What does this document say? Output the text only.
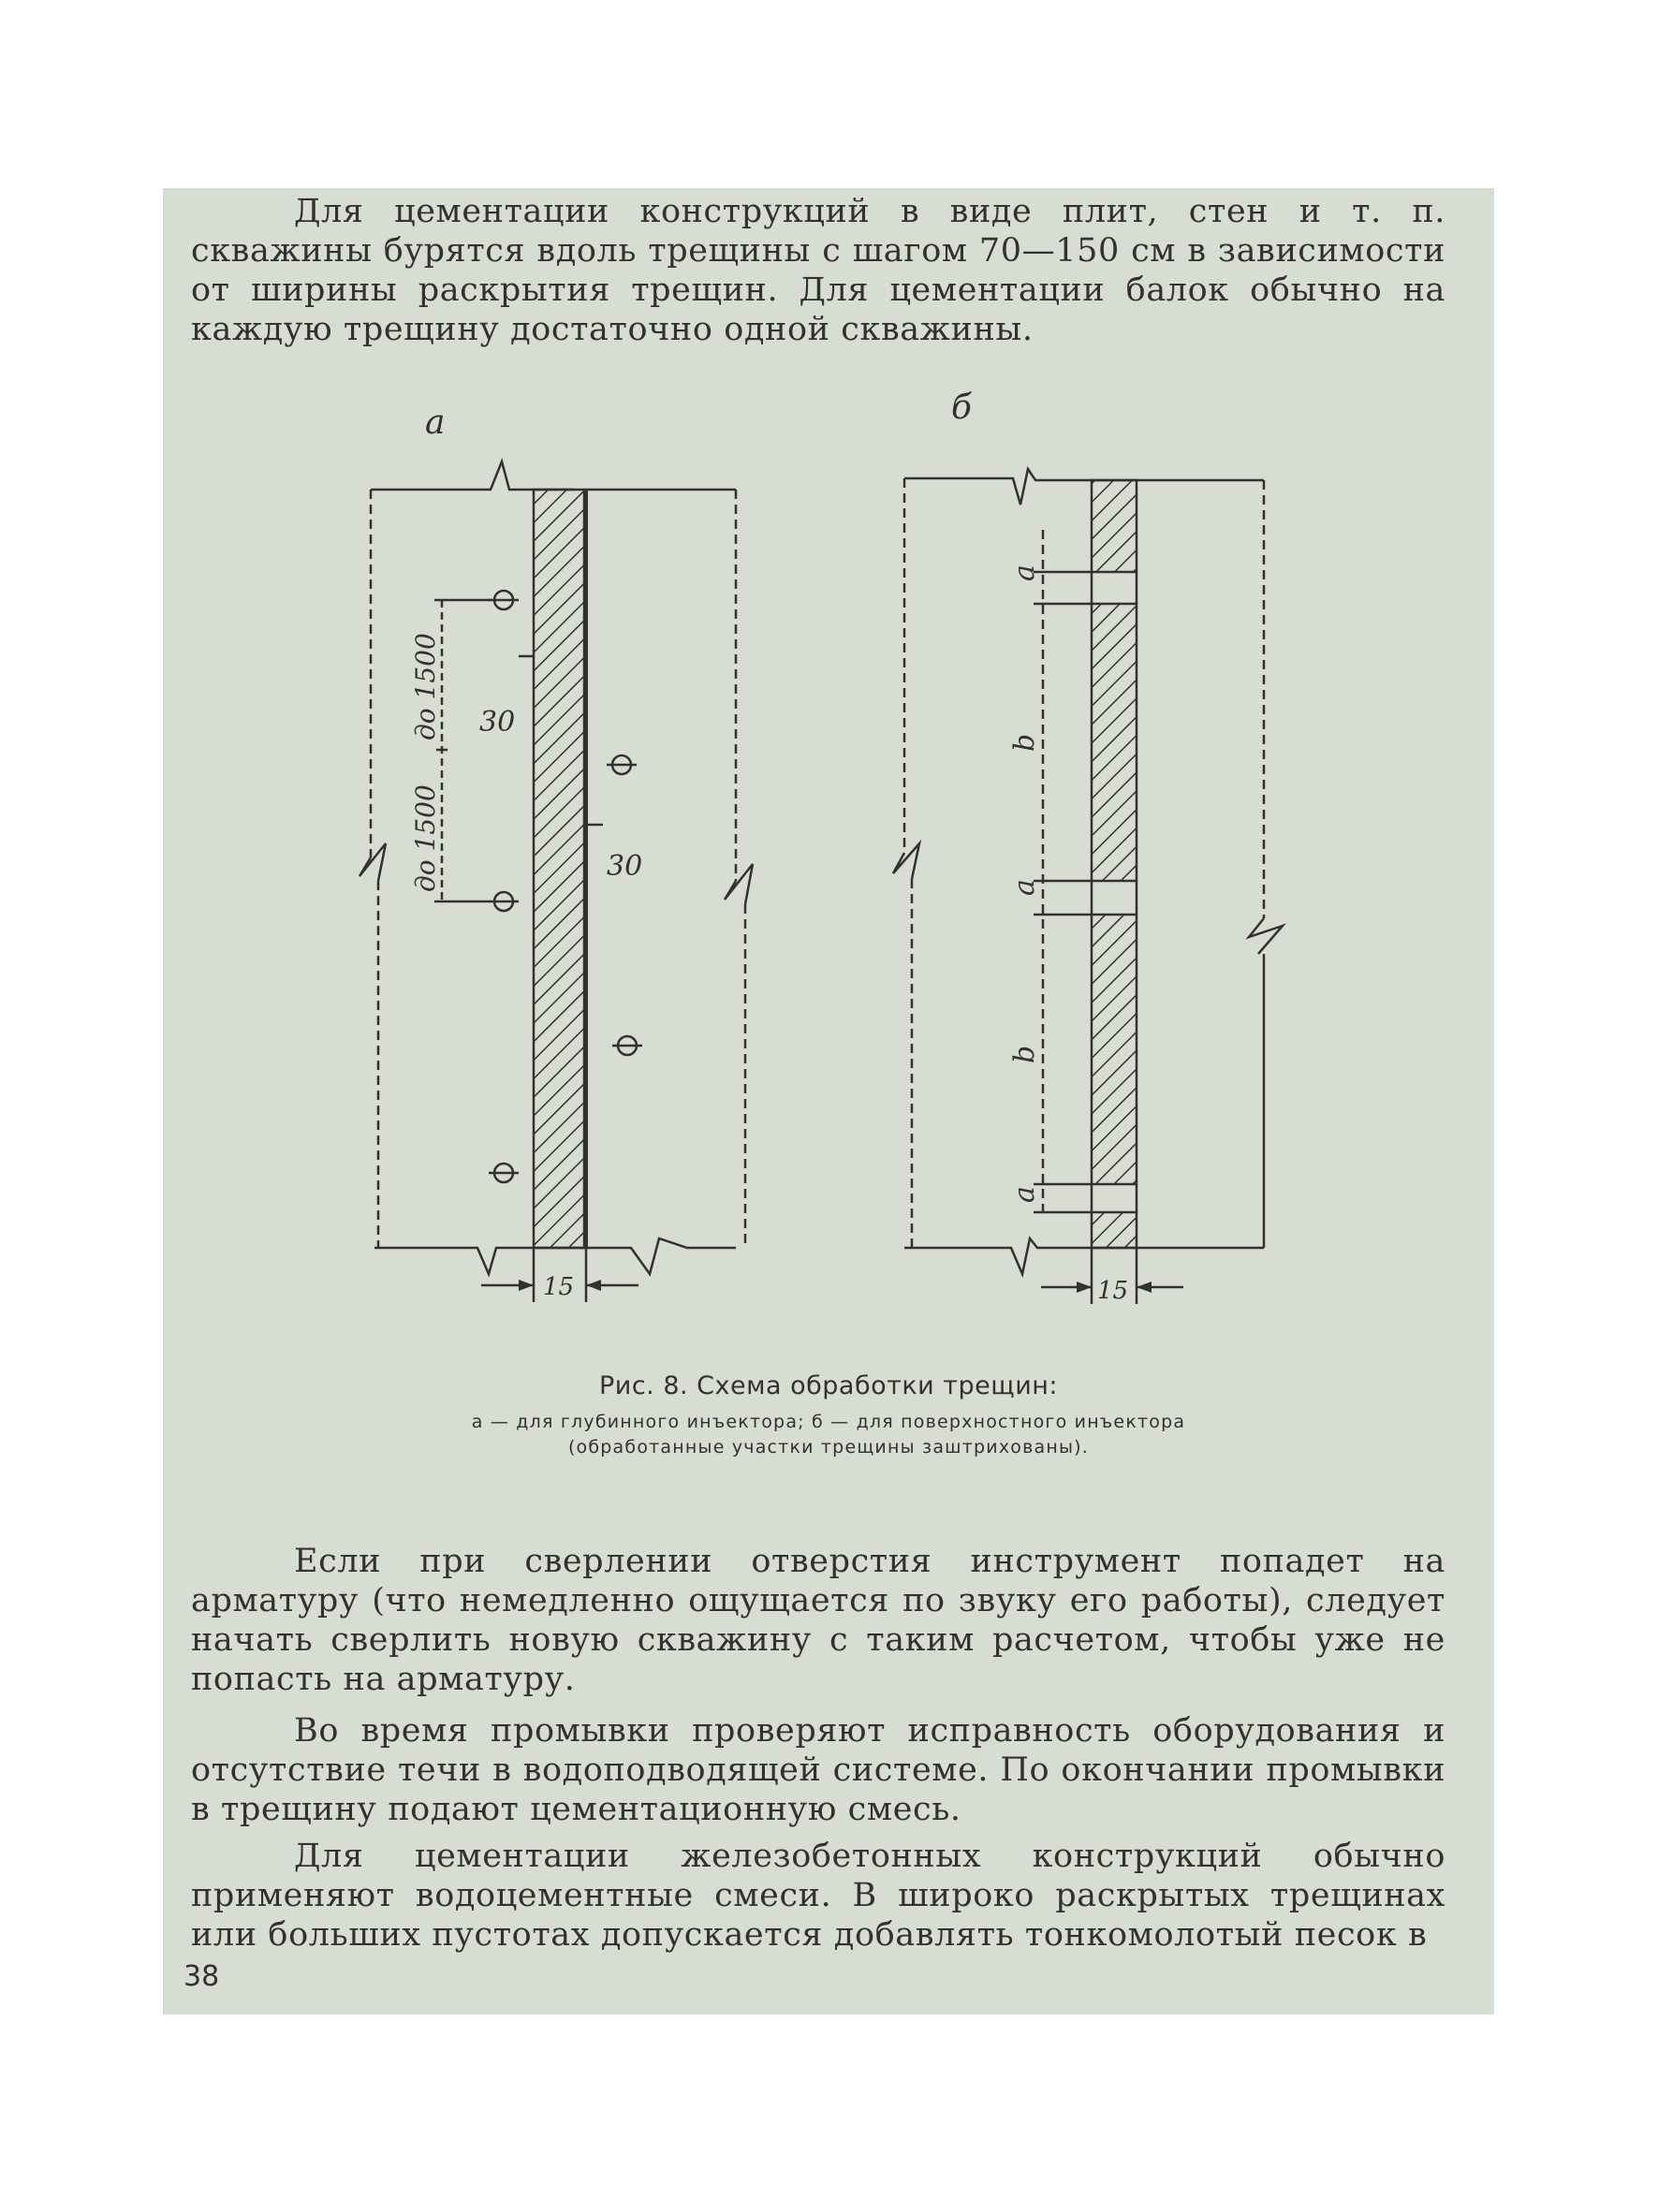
Для цементации конструкций в виде плит, стен и т. п. скважины бурятся вдоль трещины с шагом 70—150 см в зависимости от ширины раскрытия трещин. Для цементации балок обычно на каждую трещину достаточно одной скважины.
а
до 1500
до 1500
30
30
15
б
a
b
a
b
a
15
Рис. 8. Схема обработки трещин:
а — для глубинного инъектора; б — для поверхностного инъектора
(обработанные участки трещины заштрихованы).
Если при сверлении отверстия инструмент попадет на арматуру (что немедленно ощущается по звуку его работы), следует начать сверлить новую скважину с таким расчетом, чтобы уже не попасть на арматуру.
Во время промывки проверяют исправность оборудования и отсутствие течи в водоподводящей системе. По окончании промывки в трещину подают цементационную смесь.
Для цементации железобетонных конструкций обычно применяют водоцементные смеси. В широко раскрытых трещинах или больших пустотах допускается добавлять тонкомолотый песок в
38
